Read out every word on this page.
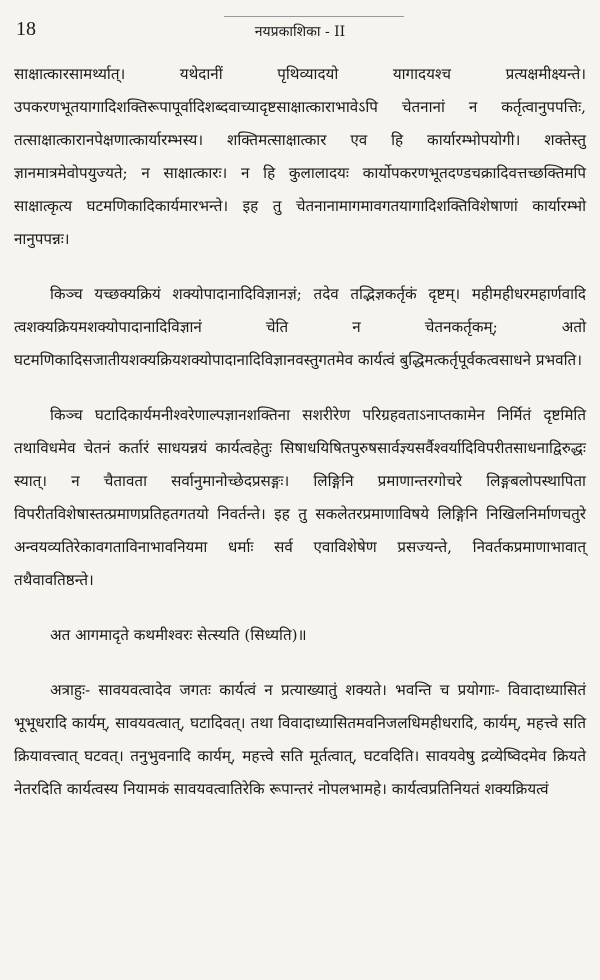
18	नयप्रकाशिका - II

साक्षात्कारसामर्थ्यात्। यथेदानीं पृथिव्यादयो यागादयश्च प्रत्यक्षमीक्ष्यन्ते। उपकरणभूतयागादिशक्तिरूपापूर्वादिशब्दवाच्यादृष्टसाक्षात्काराभावेऽपि चेतनानां न कर्तृत्वानुपपत्तिः, तत्साक्षात्कारानपेक्षणात्कार्यारम्भस्य। शक्तिमत्साक्षात्कार एव हि कार्यारम्भोपयोगी। शक्तेस्तु ज्ञानमात्रमेवोपयुज्यते; न साक्षात्कारः। न हि कुलालादयः कार्योपकरणभूतदण्डचक्रादिवत्तच्छक्तिमपि साक्षात्कृत्य घटमणिकादिकार्यमारभन्ते। इह तु चेतनानामागमावगतयागादिशक्तिविशेषाणां कार्यारम्भो नानुपपन्नः।

किञ्च यच्छक्यक्रियं शक्योपादानादिविज्ञानज्ञं; तदेव तद्भिज्ञकर्तृकं दृष्टम्। महीमहीधरमहार्णवादि त्वशक्यक्रियमशक्योपादानादिविज्ञानं चेति न चेतनकर्तृकम्; अतो घटमणिकादिसजातीयशक्यक्रियशक्योपादानादिविज्ञानवस्तुगतमेव कार्यत्वं बुद्धिमत्कर्तृपूर्वकत्वसाधने प्रभवति।

किञ्च घटादिकार्यमनीश्वरेणाल्पज्ञानशक्तिना सशरीरेण परिग्रहवताऽनाप्तकामेन निर्मितं दृष्टमिति तथाविधमेव चेतनं कर्तारं साधयन्नयं कार्यत्वहेतुः सिषाधयिषितपुरुषसार्वज्ञ्यसर्वैश्वर्यादिविपरीतसाधनाद्विरुद्धः स्यात्। न चैतावता सर्वानुमानोच्छेदप्रसङ्गः। लिङ्गिनि प्रमाणान्तरगोचरे लिङ्गबलोपस्थापिता विपरीतविशेषास्तत्प्रमाणप्रतिहतगतयो निवर्तन्ते। इह तु सकलेतरप्रमाणाविषये लिङ्गिनि निखिलनिर्माणचतुरे अन्वयव्यतिरेकावगताविनाभावनियमा धर्माः सर्व एवाविशेषेण प्रसज्यन्ते, निवर्तकप्रमाणाभावात् तथैवावतिष्ठन्ते।

अत आगमादृते कथमीश्वरः सेत्स्यति (सिध्यति)॥

अत्राहुः- सावयवत्वादेव जगतः कार्यत्वं न प्रत्याख्यातुं शक्यते। भवन्ति च प्रयोगाः- विवादाध्यासितं भूभूधरादि कार्यम्, सावयवत्वात्, घटादिवत्। तथा विवादाध्यासितमवनिजलधिमहीधरादि, कार्यम्, महत्त्वे सति क्रियावत्त्वात् घटवत्। तनुभुवनादि कार्यम्, महत्त्वे सति मूर्तत्वात्, घटवदिति। सावयवेषु द्रव्येष्विदमेव क्रियते नेतरदिति कार्यत्वस्य नियामकं सावयवत्वातिरेकि रूपान्तरं नोपलभामहे। कार्यत्वप्रतिनियतं शक्यक्रियत्वं
